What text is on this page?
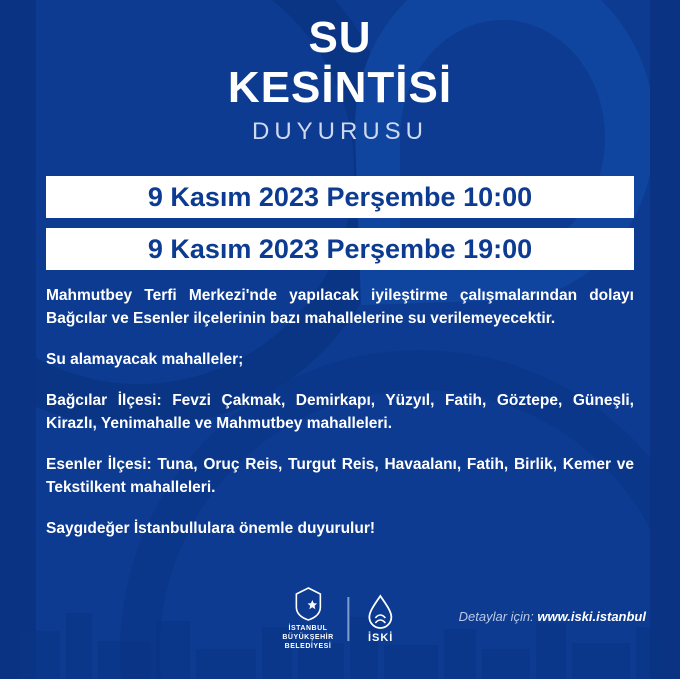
SU
KESİNTİSİ
DUYURUSU
9 Kasım 2023 Perşembe 10:00
9 Kasım 2023 Perşembe 19:00

Mahmutbey Terfi Merkezi'nde yapılacak iyileştirme çalışmalarından dolayı Bağcılar ve Esenler ilçelerinin bazı mahallelerine su verilemeyecektir.

Su alamayacak mahalleler;

Bağcılar İlçesi: Fevzi Çakmak, Demirkapı, Yüzyıl, Fatih, Göztepe, Güneşli, Kirazlı, Yenimahalle ve Mahmutbey mahalleleri.

Esenler İlçesi: Tuna, Oruç Reis, Turgut Reis, Havaalanı, Fatih, Birlik, Kemer ve Tekstilkent mahalleleri.

Saygıdeğer İstanbullulara önemle duyurulur!

İSTANBUL
BÜYÜKŞEHİR
BELEDİYESİ
İSKİ
Detaylar için: www.iski.istanbul
